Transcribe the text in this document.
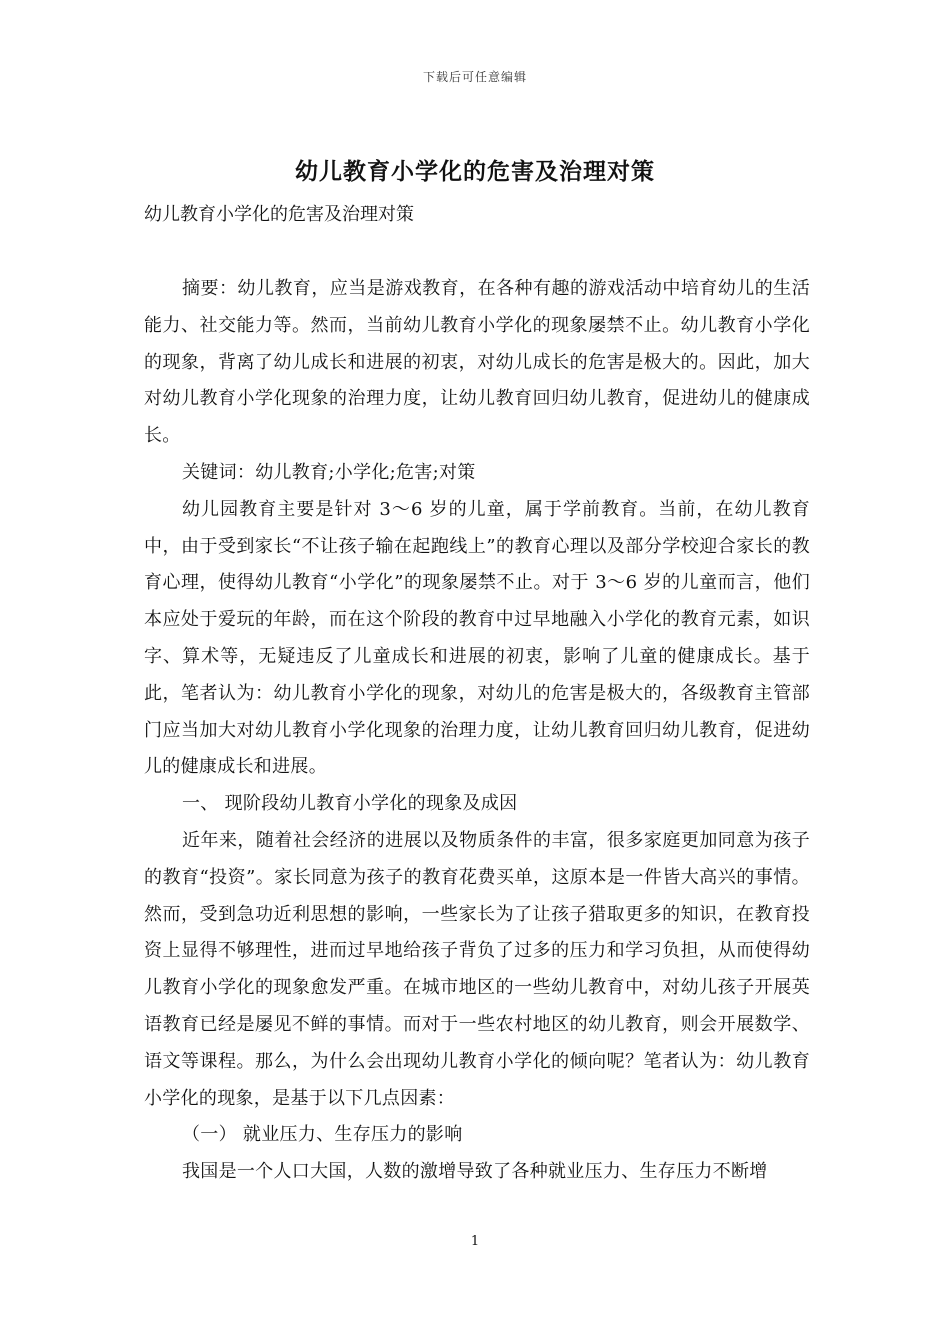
下载后可任意编辑
幼儿教育小学化的危害及治理对策
幼儿教育小学化的危害及治理对策

摘要：幼儿教育，应当是游戏教育，在各种有趣的游戏活动中培育幼儿的生活能力、社交能力等。然而，当前幼儿教育小学化的现象屡禁不止。幼儿教育小学化的现象，背离了幼儿成长和进展的初衷，对幼儿成长的危害是极大的。因此，加大对幼儿教育小学化现象的治理力度，让幼儿教育回归幼儿教育，促进幼儿的健康成长。

关键词：幼儿教育;小学化;危害;对策

幼儿园教育主要是针对 3～6 岁的儿童，属于学前教育。当前，在幼儿教育中，由于受到家长“不让孩子输在起跑线上”的教育心理以及部分学校迎合家长的教育心理，使得幼儿教育“小学化”的现象屡禁不止。对于 3～6 岁的儿童而言，他们本应处于爱玩的年龄，而在这个阶段的教育中过早地融入小学化的教育元素，如识字、算术等，无疑违反了儿童成长和进展的初衷，影响了儿童的健康成长。基于此，笔者认为：幼儿教育小学化的现象，对幼儿的危害是极大的，各级教育主管部门应当加大对幼儿教育小学化现象的治理力度，让幼儿教育回归幼儿教育，促进幼儿的健康成长和进展。

一、 现阶段幼儿教育小学化的现象及成因

近年来，随着社会经济的进展以及物质条件的丰富，很多家庭更加同意为孩子的教育“投资”。家长同意为孩子的教育花费买单，这原本是一件皆大高兴的事情。然而，受到急功近利思想的影响，一些家长为了让孩子猎取更多的知识，在教育投资上显得不够理性，进而过早地给孩子背负了过多的压力和学习负担，从而使得幼儿教育小学化的现象愈发严重。在城市地区的一些幼儿教育中，对幼儿孩子开展英语教育已经是屡见不鲜的事情。而对于一些农村地区的幼儿教育，则会开展数学、语文等课程。那么，为什么会出现幼儿教育小学化的倾向呢？笔者认为：幼儿教育小学化的现象，是基于以下几点因素：

（一） 就业压力、生存压力的影响

我国是一个人口大国，人数的激增导致了各种就业压力、生存压力不断增

1
